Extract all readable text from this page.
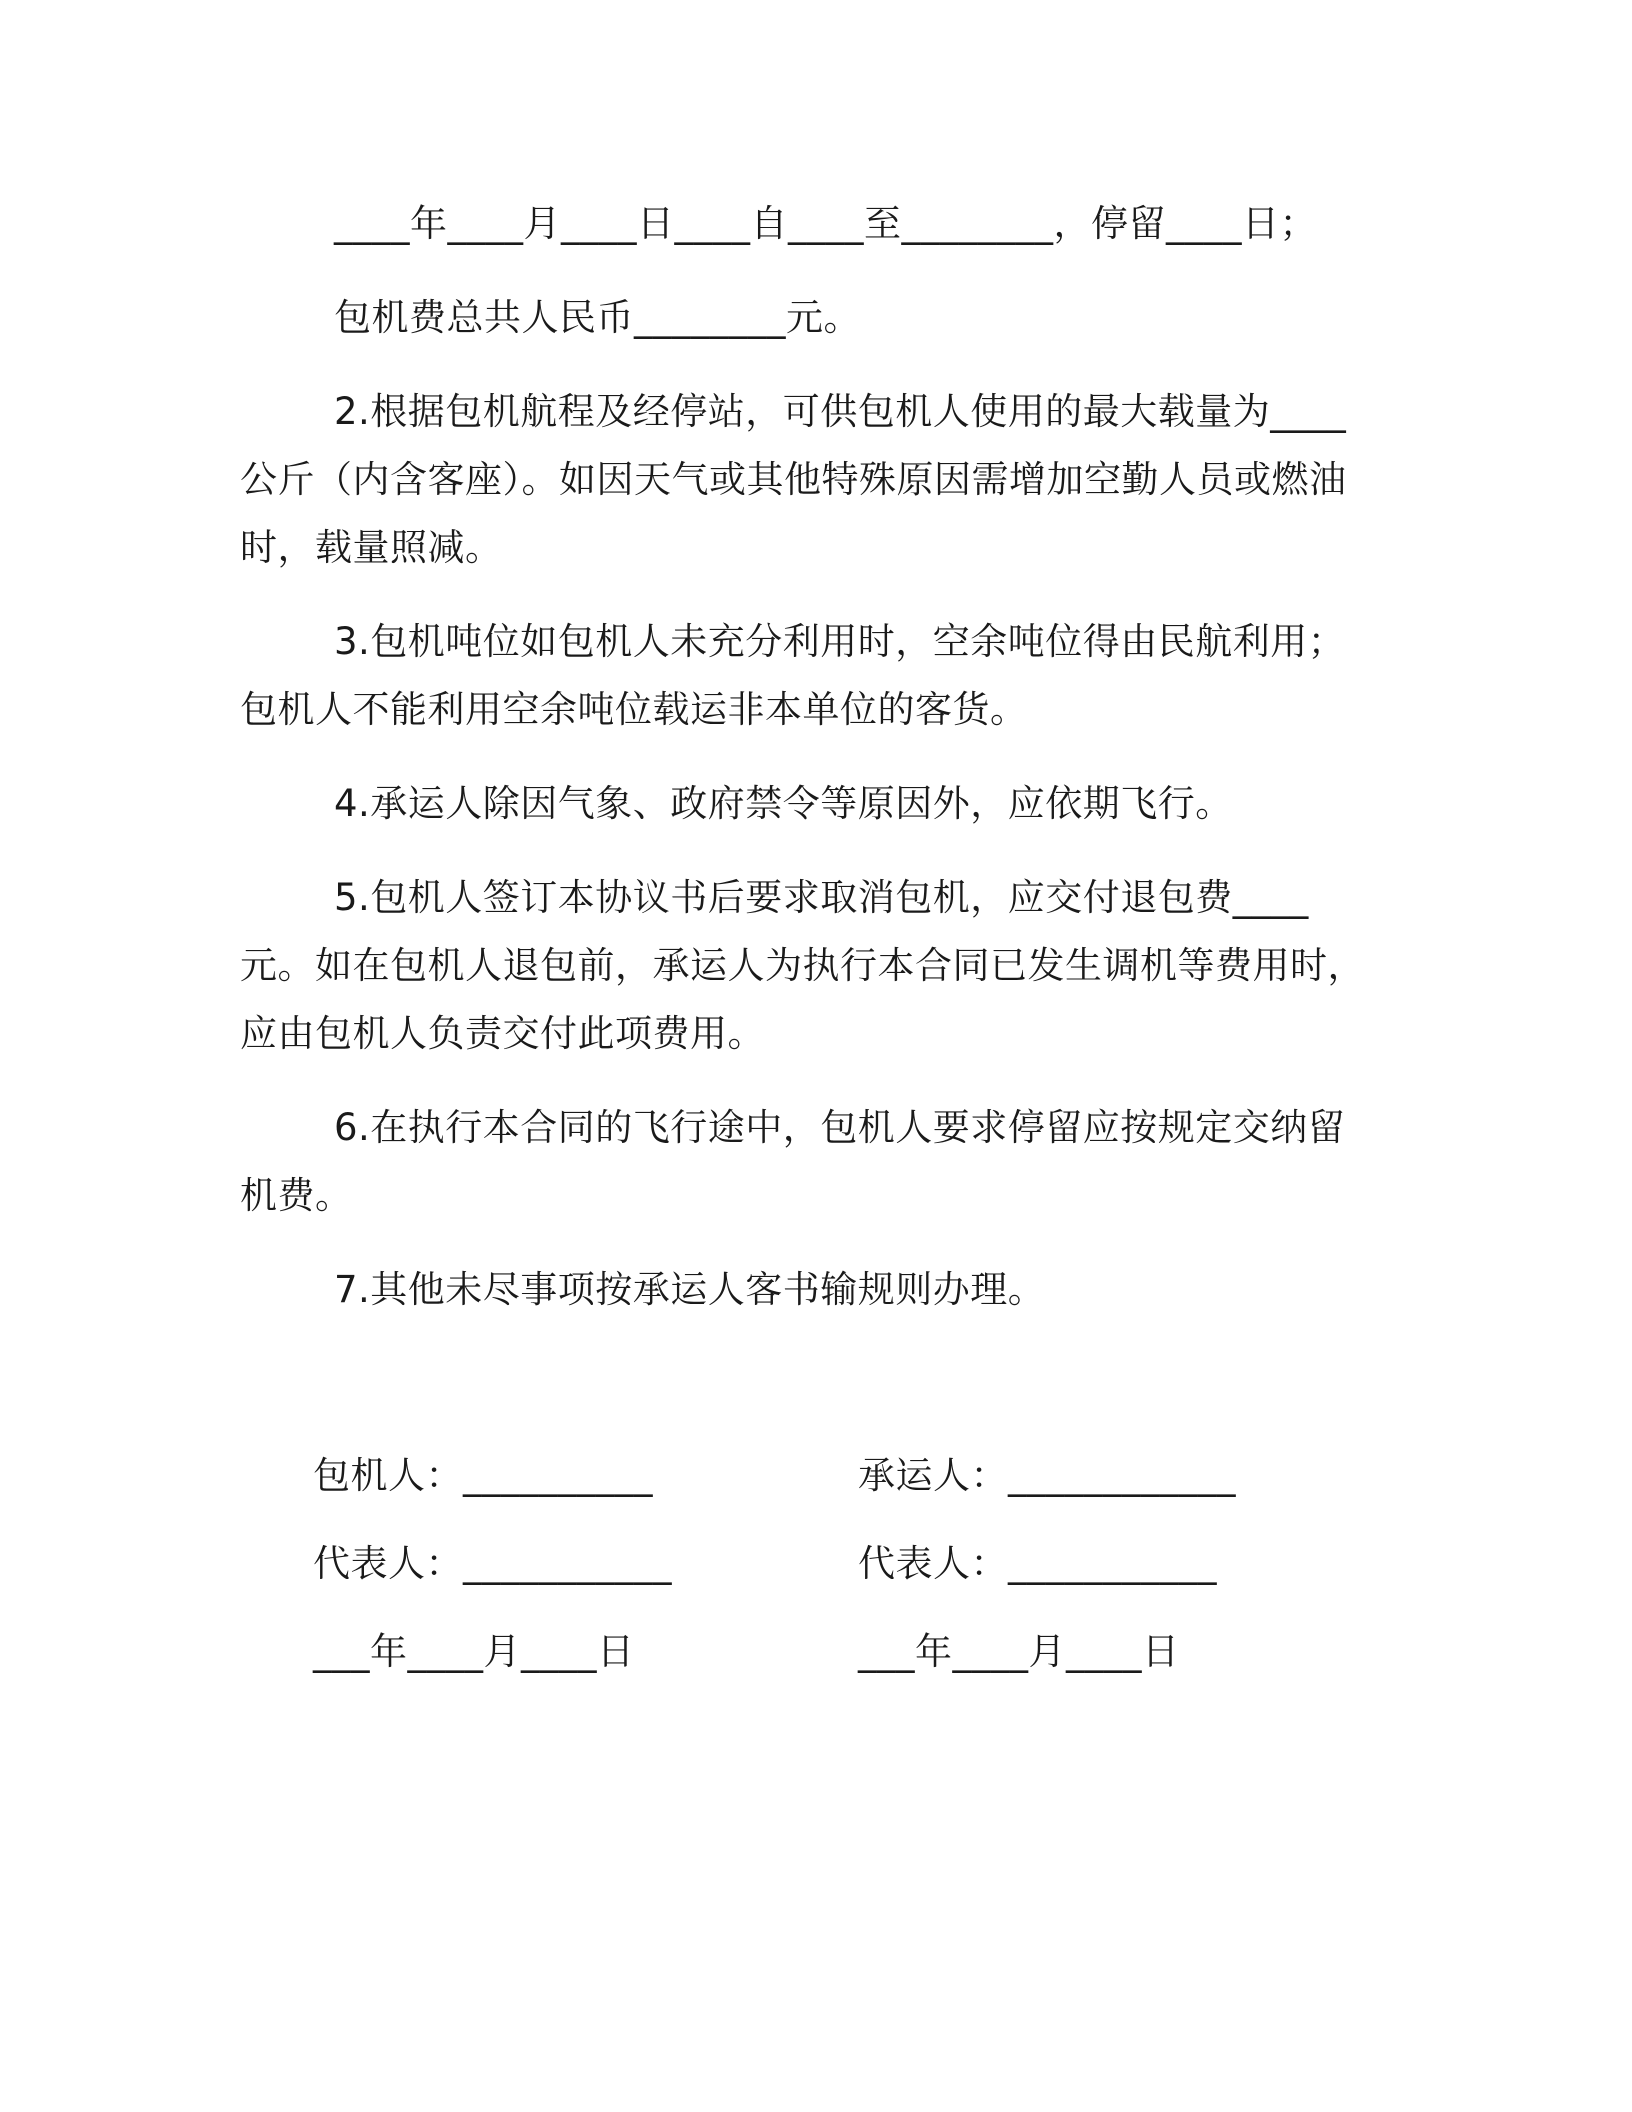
____年____月____日____自____至________，停留____日；

包机费总共人民币________元。

2.根据包机航程及经停站，可供包机人使用的最大载量为____公斤（内含客座）。如因天气或其他特殊原因需增加空勤人员或燃油时，载量照减。

3.包机吨位如包机人未充分利用时，空余吨位得由民航利用；包机人不能利用空余吨位载运非本单位的客货。

4.承运人除因气象、政府禁令等原因外，应依期飞行。

5.包机人签订本协议书后要求取消包机，应交付退包费____元。如在包机人退包前，承运人为执行本合同已发生调机等费用时，应由包机人负责交付此项费用。

6.在执行本合同的飞行途中，包机人要求停留应按规定交纳留机费。

7.其他未尽事项按承运人客书输规则办理。

包机人：__________
代表人：___________
___年____月____日
承运人：____________
代表人：___________
___年____月____日
